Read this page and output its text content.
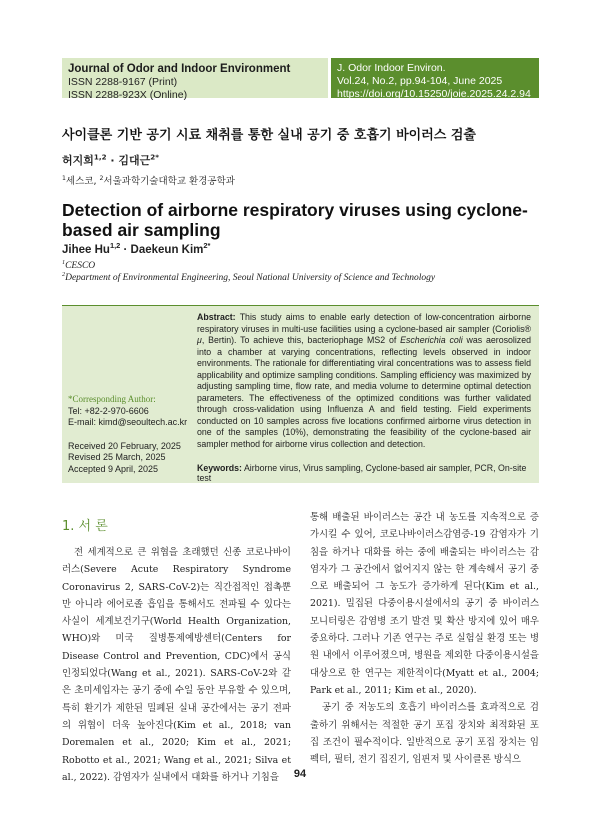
Journal of Odor and Indoor Environment
ISSN 2288-9167 (Print)
ISSN 2288-923X (Online)
J. Odor Indoor Environ.
Vol.24, No.2, pp.94-104, June 2025
https://doi.org/10.15250/joie.2025.24.2.94
사이클론 기반 공기 시료 채취를 통한 실내 공기 중 호흡기 바이러스 검출
허지희$^{1,2}$ · 김대근$^{2*}$
$^1$세스코, $^2$서울과학기술대학교 환경공학과
Detection of airborne respiratory viruses using cyclone-based air sampling
Jihee Hu$^{1,2}$ · Daekeun Kim$^{2*}$
$^1$CESCO
$^2$Department of Environmental Engineering, Seoul National University of Science and Technology
*Corresponding Author:
Tel: +82-2-970-6606
E-mail: kimd@seoultech.ac.kr
Received 20 February, 2025
Revised 25 March, 2025
Accepted 9 April, 2025
Abstract: This study aims to enable early detection of low-concentration airborne respiratory viruses in multi-use facilities using a cyclone-based air sampler (Coriolis® μ, Bertin). To achieve this, bacteriophage MS2 of Escherichia coli was aerosolized into a chamber at varying concentrations, reflecting levels observed in indoor environments. The rationale for differentiating viral concentrations was to assess field applicability and optimize sampling conditions. Sampling efficiency was maximized by adjusting sampling time, flow rate, and media volume to determine optimal detection parameters. The effectiveness of the optimized conditions was further validated through cross-validation using Influenza A and field testing. Field experiments conducted on 10 samples across five locations confirmed airborne virus detection in one of the samples (10%), demonstrating the feasibility of the cyclone-based air sampler method for airborne virus collection and detection.
Keywords: Airborne virus, Virus sampling, Cyclone-based air sampler, PCR, On-site test
1. 서 론
전 세계적으로 큰 위협을 초래했던 신종 코로나바이러스(Severe Acute Respiratory Syndrome Coronavirus 2, SARS-CoV-2)는 직간접적인 접촉뿐만 아니라 에어로졸 흡입을 통해서도 전파될 수 있다는 사실이 세계보건기구(World Health Organization, WHO)와 미국 질병통제예방센터(Centers for Disease Control and Prevention, CDC)에서 공식 인정되었다(Wang et al., 2021). SARS-CoV-2와 같은 초미세입자는 공기 중에 수일 동안 부유할 수 있으며, 특히 환기가 제한된 밀폐된 실내 공간에서는 공기 전파의 위협이 더욱 높아진다(Kim et al., 2018; van Doremalen et al., 2020; Kim et al., 2021; Robotto et al., 2021; Wang et al., 2021; Silva et al., 2022). 감염자가 실내에서 대화를 하거나 기침을

통해 배출된 바이러스는 공간 내 농도를 지속적으로 증가시킬 수 있어, 코로나바이러스감염증-19 감염자가 기침을 하거나 대화를 하는 중에 배출되는 바이러스는 감염자가 그 공간에서 없어지지 않는 한 계속해서 공기 중으로 배출되어 그 농도가 증가하게 된다(Kim et al., 2021). 밀집된 다중이용시설에서의 공기 중 바이러스 모니터링은 감염병 조기 발견 및 확산 방지에 있어 매우 중요하다. 그러나 기존 연구는 주로 실험실 환경 또는 병원 내에서 이루어졌으며, 병원을 제외한 다중이용시설을 대상으로 한 연구는 제한적이다(Myatt et al., 2004; Park et al., 2011; Kim et al., 2020).

공기 중 저농도의 호흡기 바이러스를 효과적으로 검출하기 위해서는 적절한 공기 포집 장치와 최적화된 포집 조건이 필수적이다. 일반적으로 공기 포집 장치는 임펙터, 필터, 전기 집진기, 임핀저 및 사이클론 방식으

94
